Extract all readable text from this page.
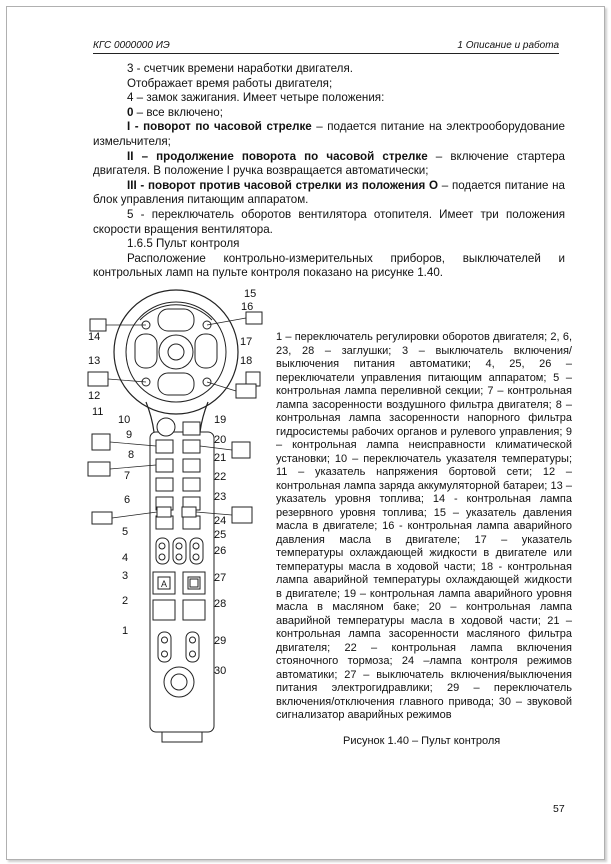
КГС 0000000 ИЭ	1 Описание и работа

3 - счетчик времени наработки двигателя.

Отображает время работы двигателя;

4 – замок зажигания. Имеет четыре положения:

0 – все включено;

I - поворот по часовой стрелке – подается питание на электрооборудование измельчителя;

II – продолжение поворота по часовой стрелке – включение стартера двигателя. В положение I ручка возвращается автоматически;

III - поворот против часовой стрелки из положения О – подается питание на блок управления питающим аппаратом.

5 - переключатель оборотов вентилятора отопителя. Имеет три положения скорости вращения вентилятора.

1.6.5 Пульт контроля

Расположение контрольно-измерительных приборов, выключателей и контрольных ламп на пульте контроля показано на рисунке 1.40.

A
15
16
14
13
17
18
12
11
10
9
8
7
6
5
4
3
2
1
19
20
21
22
23
24
25
26
27
28
29
30
1 – переключатель регулировки оборотов двигателя; 2, 6, 23, 28 – заглушки; 3 – выключатель включения/выключения питания автоматики; 4, 25, 26 – переключатели управления питающим аппаратом; 5 – контрольная лампа переливной секции; 7 – контрольная лампа засоренности воздушного фильтра двигателя; 8 – контрольная лампа засоренности напорного фильтра гидросистемы рабочих органов и рулевого управления; 9 – контрольная лампа неисправности климатической установки; 10 – переключатель указателя температуры; 11 – указатель напряжения бортовой сети; 12 – контрольная лампа заряда аккумуляторной батареи; 13 – указатель уровня топлива; 14 - контрольная лампа резервного уровня топлива; 15 – указатель давления масла в двигателе; 16 - контрольная лампа аварийного давления масла в двигателе; 17 – указатель температуры охлаждающей жидкости в двигателе или температуры масла в ходовой части; 18 - контрольная лампа аварийной температуры охлаждающей жидкости в двигателе; 19 – контрольная лампа аварийного уровня масла в масляном баке; 20 – контрольная лампа аварийной температуры масла в ходовой части; 21 – контрольная лампа засоренности масляного фильтра двигателя; 22 – контрольная лампа включения стояночного тормоза; 24 –лампа контроля режимов автоматики; 27 – выключатель включения/выключения питания электрогидравлики; 29 – переключатель включения/отключения главного привода; 30 – звуковой сигнализатор аварийных режимов
Рисунок 1.40 – Пульт контроля
57
